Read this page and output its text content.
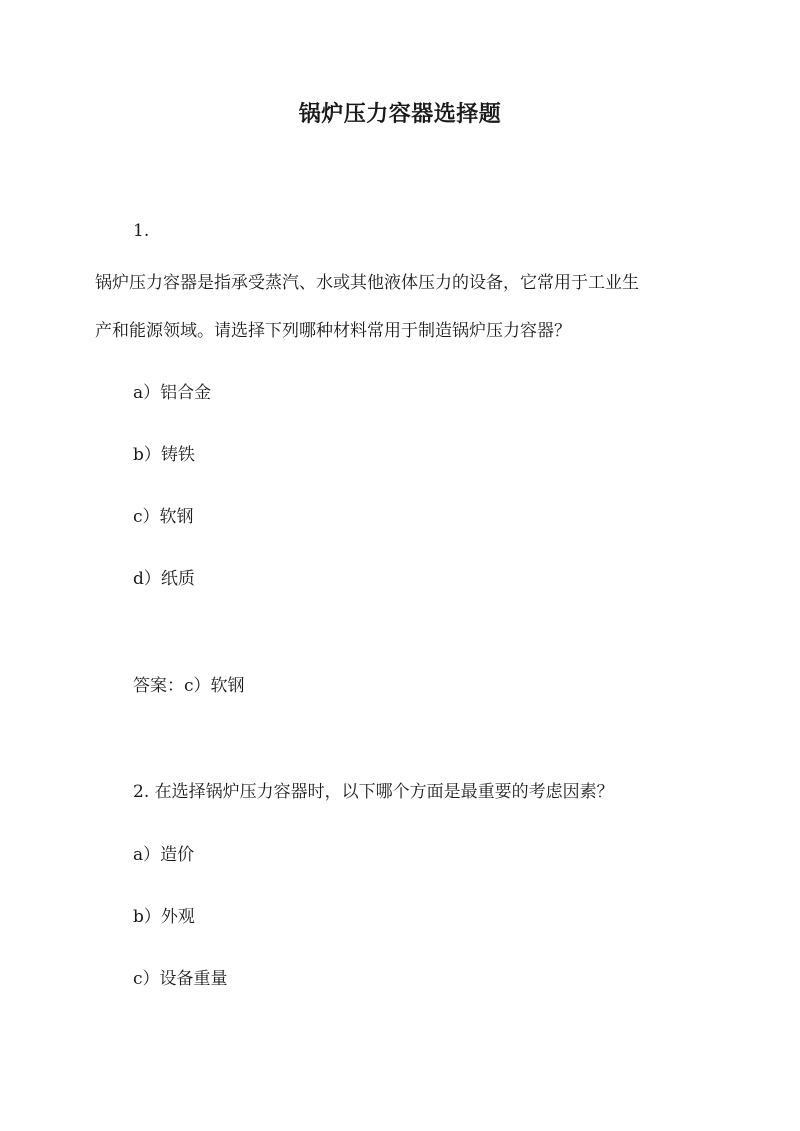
锅炉压力容器选择题
1.
锅炉压力容器是指承受蒸汽、水或其他液体压力的设备，它常用于工业生
产和能源领域。请选择下列哪种材料常用于制造锅炉压力容器？
a）铝合金
b）铸铁
c）软钢
d）纸质
答案：c）软钢
2. 在选择锅炉压力容器时，以下哪个方面是最重要的考虑因素？
a）造价
b）外观
c）设备重量
